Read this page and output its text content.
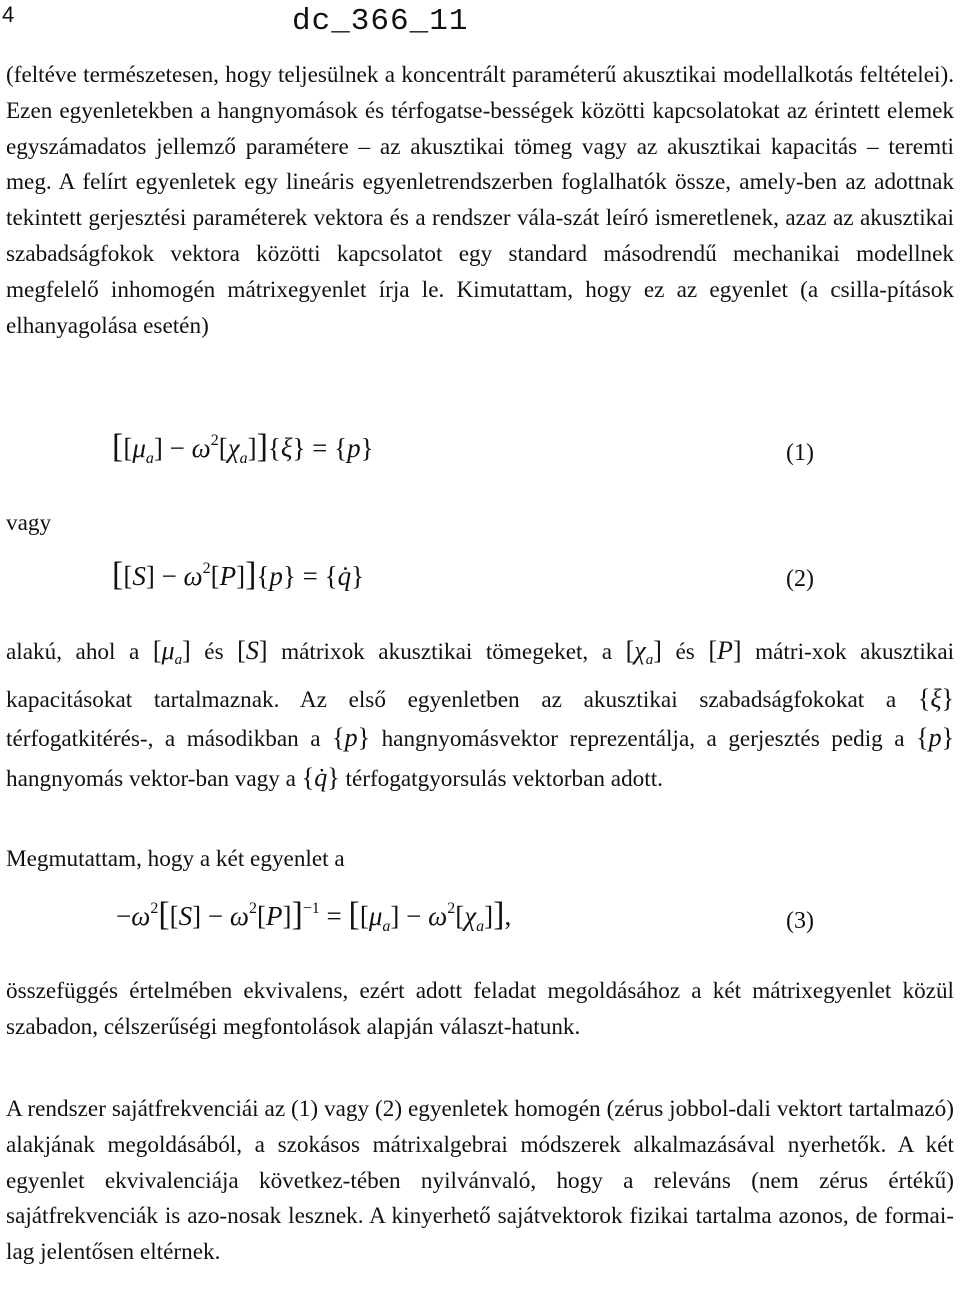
4	dc_366_11
(feltéve természetesen, hogy teljesülnek a koncentrált paraméterű akusztikai modellalkotás feltételei). Ezen egyenletekben a hangnyomások és térfogatse-bességek közötti kapcsolatokat az érintett elemek egyszámadatos jellemző paramétere – az akusztikai tömeg vagy az akusztikai kapacitás – teremti meg. A felírt egyenletek egy lineáris egyenletrendszerben foglalhatók össze, amely-ben az adottnak tekintett gerjesztési paraméterek vektora és a rendszer vála-szát leíró ismeretlenek, azaz az akusztikai szabadságfokok vektora közötti kapcsolatot egy standard másodrendű mechanikai modellnek megfelelő inhomogén mátrixegyenlet írja le. Kimutattam, hogy ez az egyenlet (a csilla-pítások elhanyagolása esetén)
$[[\mu_a] - \omega^2[\chi_a]]\{\xi\} = \{p\}$	(1)
vagy
$[[S] - \omega^2[P]]\{p\}$ = {q̇}	(2)
alakú, ahol a $[\mu_a]$ és [S] mátrixok akusztikai tömegeket, a $[\chi_a]$ és [P] mátri-xok akusztikai kapacitásokat tartalmaznak. Az első egyenletben az akusztikai szabadságfokokat a {ξ} térfogatkitérés-, a másodikban a {p} hangnyomásvektor reprezentálja, a gerjesztés pedig a {p} hangnyomás vektor-ban vagy a {q̇} térfogatgyorsulás vektorban adott.
Megmutattam, hogy a két egyenlet a
$-\omega^2[[S] - \omega^2[P]]^{-1} = [[\mu_a] - \omega^2[\chi_a]]$,	(3)
összefüggés értelmében ekvivalens, ezért adott feladat megoldásához a két mátrixegyenlet közül szabadon, célszerűségi megfontolások alapján választ-hatunk.
A rendszer sajátfrekvenciái az (1) vagy (2) egyenletek homogén (zérus jobbol-dali vektort tartalmazó) alakjának megoldásából, a szokásos mátrixalgebrai módszerek alkalmazásával nyerhetők. A két egyenlet ekvivalenciája következ-tében nyilvánvaló, hogy a releváns (nem zérus értékű) sajátfrekvenciák is azo-nosak lesznek. A kinyerhető sajátvektorok fizikai tartalma azonos, de formai-lag jelentősen eltérnek.
